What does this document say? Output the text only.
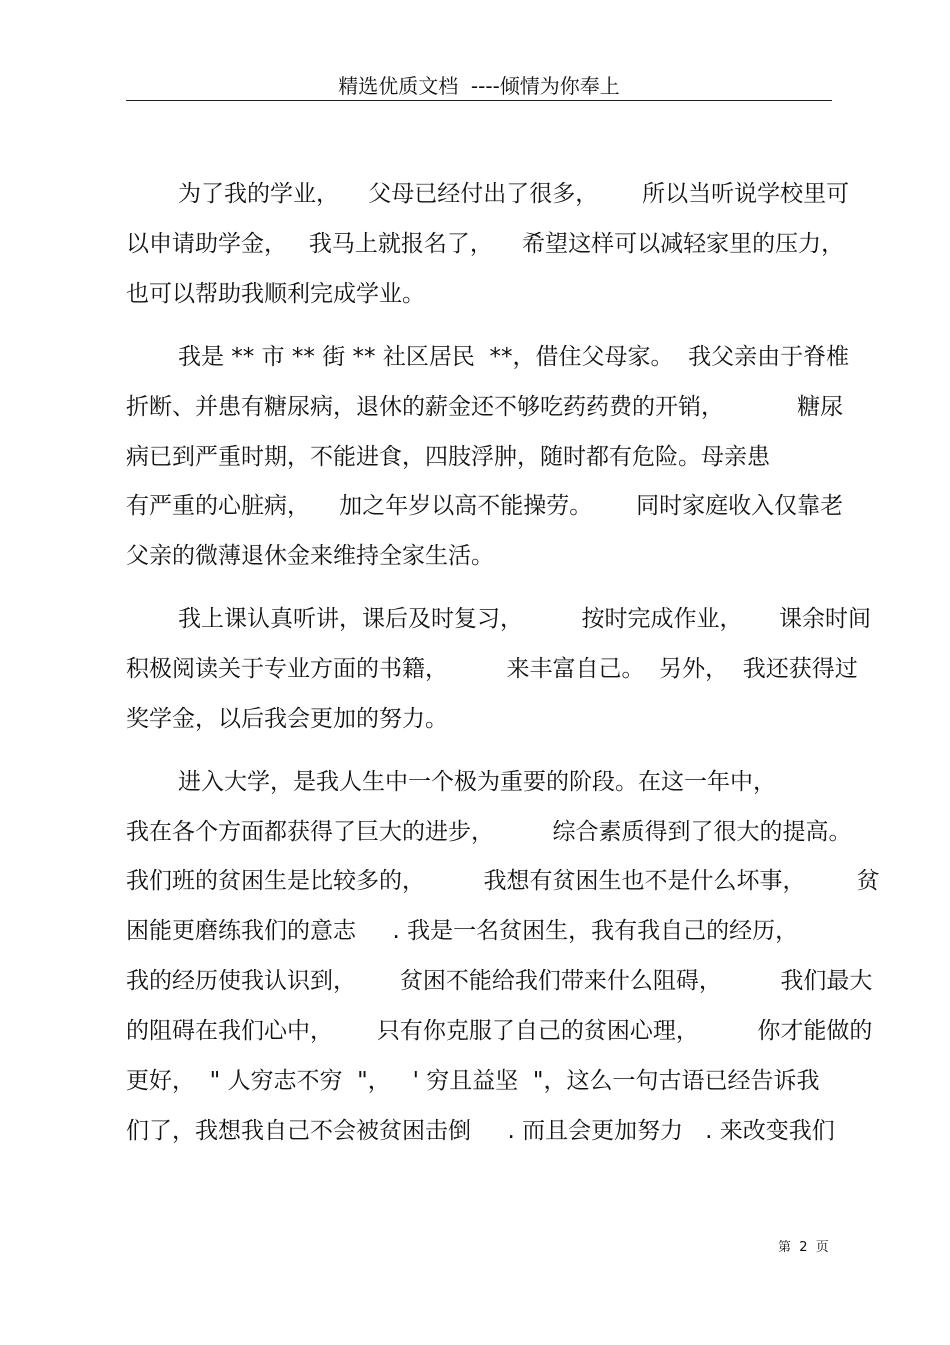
精选优质文档  ----倾情为你奉上
为了我的学业，    父母已经付出了很多，      所以当听说学校里可
以申请助学金，   我马上就报名了，    希望这样可以减轻家里的压力，
也可以帮助我顺利完成学业。
我是 ** 市 ** 街 ** 社区居民  **，借住父母家。  我父亲由于脊椎
折断、并患有糖尿病，退休的薪金还不够吃药药费的开销，          糖尿
病已到严重时期，不能进食，四肢浮肿，随时都有危险。母亲患
有严重的心脏病，    加之年岁以高不能操劳。      同时家庭收入仅靠老
父亲的微薄退休金来维持全家生活。
我上课认真听讲，课后及时复习，        按时完成作业，     课余时间
积极阅读关于专业方面的书籍，        来丰富自己。  另外，  我还获得过
奖学金，以后我会更加的努力。
进入大学，是我人生中一个极为重要的阶段。在这一年中，
我在各个方面都获得了巨大的进步，        综合素质得到了很大的提高。
我们班的贫困生是比较多的，        我想有贫困生也不是什么坏事，       贫
困能更磨练我们的意志     . 我是一名贫困生，我有我自己的经历，
我的经历使我认识到，      贫困不能给我们带来什么阻碍，        我们最大
的阻碍在我们心中，      只有你克服了自己的贫困心理，        你才能做的
更好，  " 人穷志不穷  "，   ' 穷且益坚  "，这么一句古语已经告诉我
们了，我想我自己不会被贫困击倒     . 而且会更加努力   . 来改变我们
第  2  页
